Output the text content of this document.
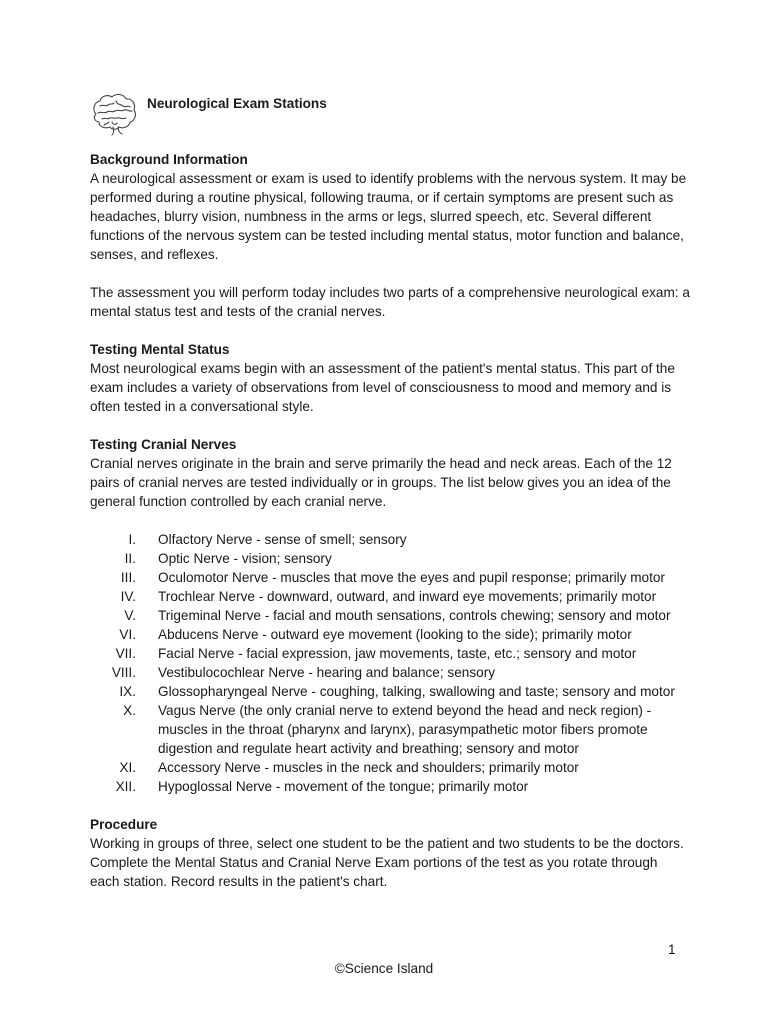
Neurological Exam Stations
Background Information

A neurological assessment or exam is used to identify problems with the nervous system. It may be performed during a routine physical, following trauma, or if certain symptoms are present such as headaches, blurry vision, numbness in the arms or legs, slurred speech, etc. Several different functions of the nervous system can be tested including mental status, motor function and balance, senses, and reflexes.

The assessment you will perform today includes two parts of a comprehensive neurological exam: a mental status test and tests of the cranial nerves.

Testing Mental Status

Most neurological exams begin with an assessment of the patient's mental status. This part of the exam includes a variety of observations from level of consciousness to mood and memory and is often tested in a conversational style.

Testing Cranial Nerves

Cranial nerves originate in the brain and serve primarily the head and neck areas. Each of the 12 pairs of cranial nerves are tested individually or in groups. The list below gives you an idea of the general function controlled by each cranial nerve.

I. Olfactory Nerve - sense of smell; sensory
II. Optic Nerve - vision; sensory
III. Oculomotor Nerve - muscles that move the eyes and pupil response; primarily motor
IV. Trochlear Nerve - downward, outward, and inward eye movements; primarily motor
V. Trigeminal Nerve - facial and mouth sensations, controls chewing; sensory and motor
VI. Abducens Nerve - outward eye movement (looking to the side); primarily motor
VII. Facial Nerve - facial expression, jaw movements, taste, etc.; sensory and motor
VIII. Vestibulocochlear Nerve - hearing and balance; sensory
IX. Glossopharyngeal Nerve - coughing, talking, swallowing and taste; sensory and motor
X. Vagus Nerve (the only cranial nerve to extend beyond the head and neck region) - muscles in the throat (pharynx and larynx), parasympathetic motor fibers promote digestion and regulate heart activity and breathing; sensory and motor
XI. Accessory Nerve - muscles in the neck and shoulders; primarily motor
XII. Hypoglossal Nerve - movement of the tongue; primarily motor
Procedure

Working in groups of three, select one student to be the patient and two students to be the doctors. Complete the Mental Status and Cranial Nerve Exam portions of the test as you rotate through each station. Record results in the patient's chart.

1
©Science Island
